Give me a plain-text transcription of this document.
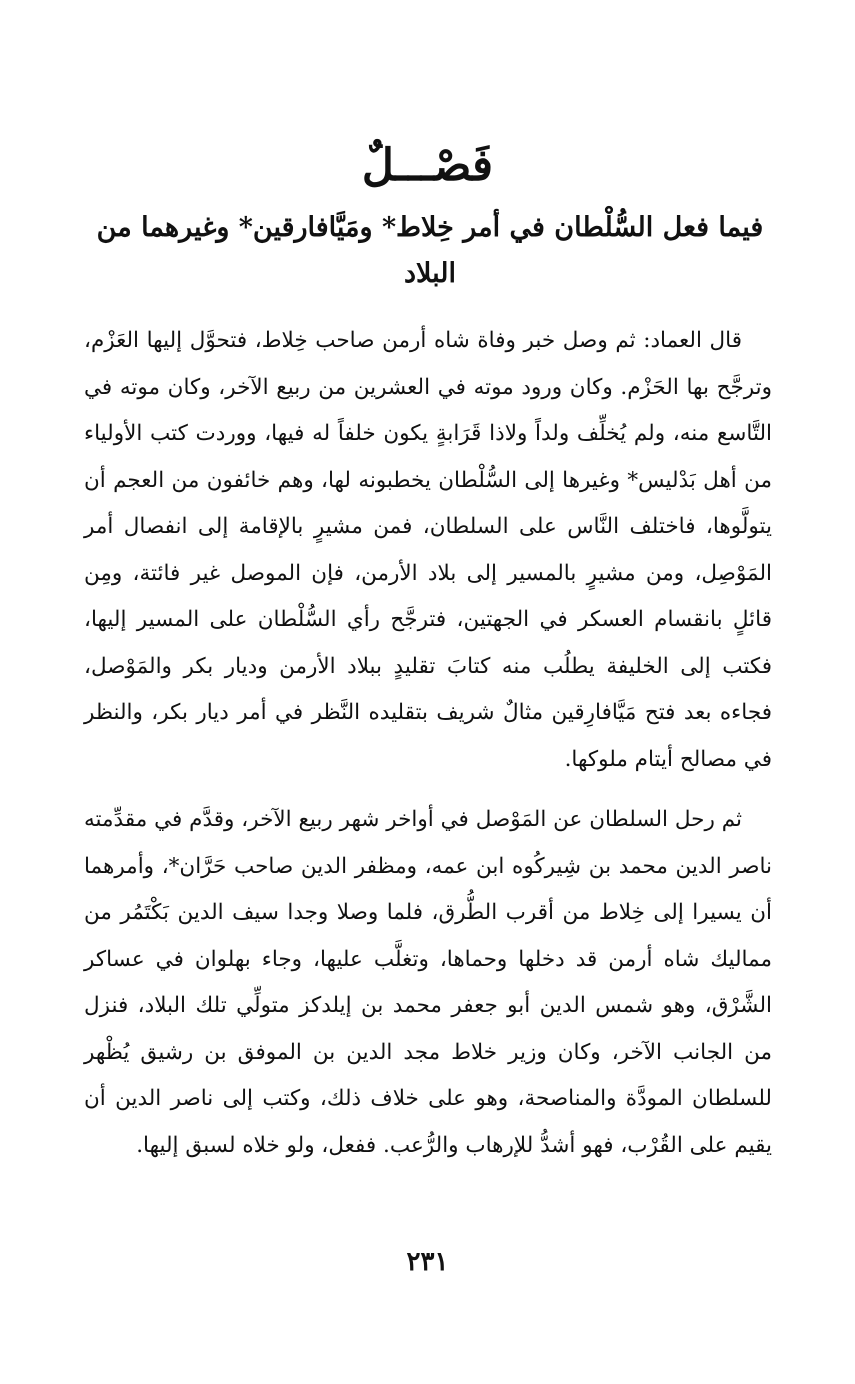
فَصْـــلٌ
فيما فعل السُّلْطان في أمر خِلاط* ومَيَّافارقين* وغيرهما من البلاد

قال العماد: ثم وصل خبر وفاة شاه أرمن صاحب خِلاط، فتحوَّل إليها العَزْم، وترجَّح بها الحَزْم. وكان ورود موته في العشرين من ربيع الآخر، وكان موته في التَّاسع منه، ولم يُخلِّف ولداً ولاذا قَرَابةٍ يكون خلفاً له فيها، ووردت كتب الأولياء من أهل بَدْليس* وغيرها إلى السُّلْطان يخطبونه لها، وهم خائفون من العجم أن يتولَّوها، فاختلف النَّاس على السلطان، فمن مشيرٍ بالإقامة إلى انفصال أمر المَوْصِل، ومن مشيرٍ بالمسير إلى بلاد الأرمن، فإن الموصل غير فائتة، ومِن قائلٍ بانقسام العسكر في الجهتين، فترجَّح رأي السُّلْطان على المسير إليها، فكتب إلى الخليفة يطلُب منه كتابَ تقليدٍ ببلاد الأرمن وديار بكر والمَوْصل، فجاءه بعد فتح مَيَّافارِقين مثالٌ شريف بتقليده النَّظر في أمر ديار بكر، والنظر في مصالح أيتام ملوكها.

ثم رحل السلطان عن المَوْصل في أواخر شهر ربيع الآخر، وقدَّم في مقدِّمته ناصر الدين محمد بن شِيركُوه ابن عمه، ومظفر الدين صاحب حَرَّان*، وأمرهما أن يسيرا إلى خِلاط من أقرب الطُّرق، فلما وصلا وجدا سيف الدين بَكْتَمُر من مماليك شاه أرمن قد دخلها وحماها، وتغلَّب عليها، وجاء بهلوان في عساكر الشَّرْق، وهو شمس الدين أبو جعفر محمد بن إيلدكز متولِّي تلك البلاد، فنزل من الجانب الآخر، وكان وزير خلاط مجد الدين بن الموفق بن رشيق يُظْهر للسلطان المودَّة والمناصحة، وهو على خلاف ذلك، وكتب إلى ناصر الدين أن يقيم على القُرْب، فهو أشدُّ للإرهاب والرُّعب. ففعل، ولو خلاه لسبق إليها.

٢٣١
